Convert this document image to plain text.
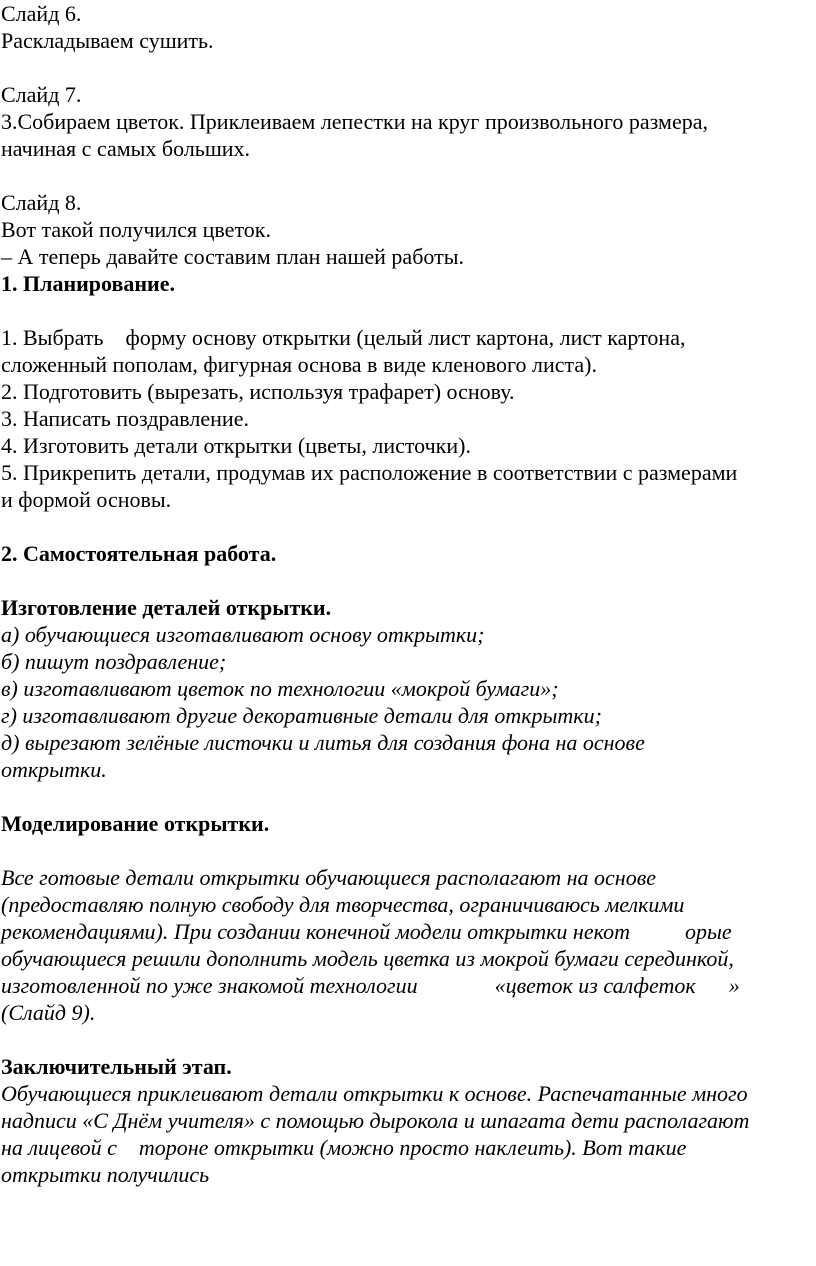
Слайд 6.
Раскладываем сушить.
Слайд 7.
3.Собираем цветок. Приклеиваем лепестки на круг произвольного размера,
начиная с самых больших.
Слайд 8.
Вот такой получился цветок.
– А теперь давайте составим план нашей работы.
1. Планирование.
1. Выбрать    форму основу открытки (целый лист картона, лист картона,
сложенный пополам, фигурная основа в виде кленового листа).
2. Подготовить (вырезать, используя трафарет) основу.
3. Написать поздравление.
4. Изготовить детали открытки (цветы, листочки).
5. Прикрепить детали, продумав их расположение в соответствии с размерами
и формой основы.
2. Самостоятельная работа.
Изготовление деталей открытки.
а) обучающиеся изготавливают основу открытки;
б) пишут поздравление;
в) изготавливают цветок по технологии «мокрой бумаги»;
г) изготавливают другие декоративные детали для открытки;
д) вырезают зелёные листочки и литья для создания фона на основе
открытки.
Моделирование открытки.
Все готовые детали открытки обучающиеся располагают на основе
(предоставляю полную свободу для творчества, ограничиваюсь мелкими
рекомендациями). При создании конечной модели открытки некот          орые
обучающиеся решили дополнить модель цветка из мокрой бумаги серединкой,
изготовленной по уже знакомой технологии              «цветок из салфеток      »
(Слайд 9).
Заключительный этап.
Обучающиеся приклеивают детали открытки к основе. Распечатанные много
надписи «С Днём учителя» с помощью дырокола и шпагата дети располагают
на лицевой с    тороне открытки (можно просто наклеить). Вот такие
открытки получились
